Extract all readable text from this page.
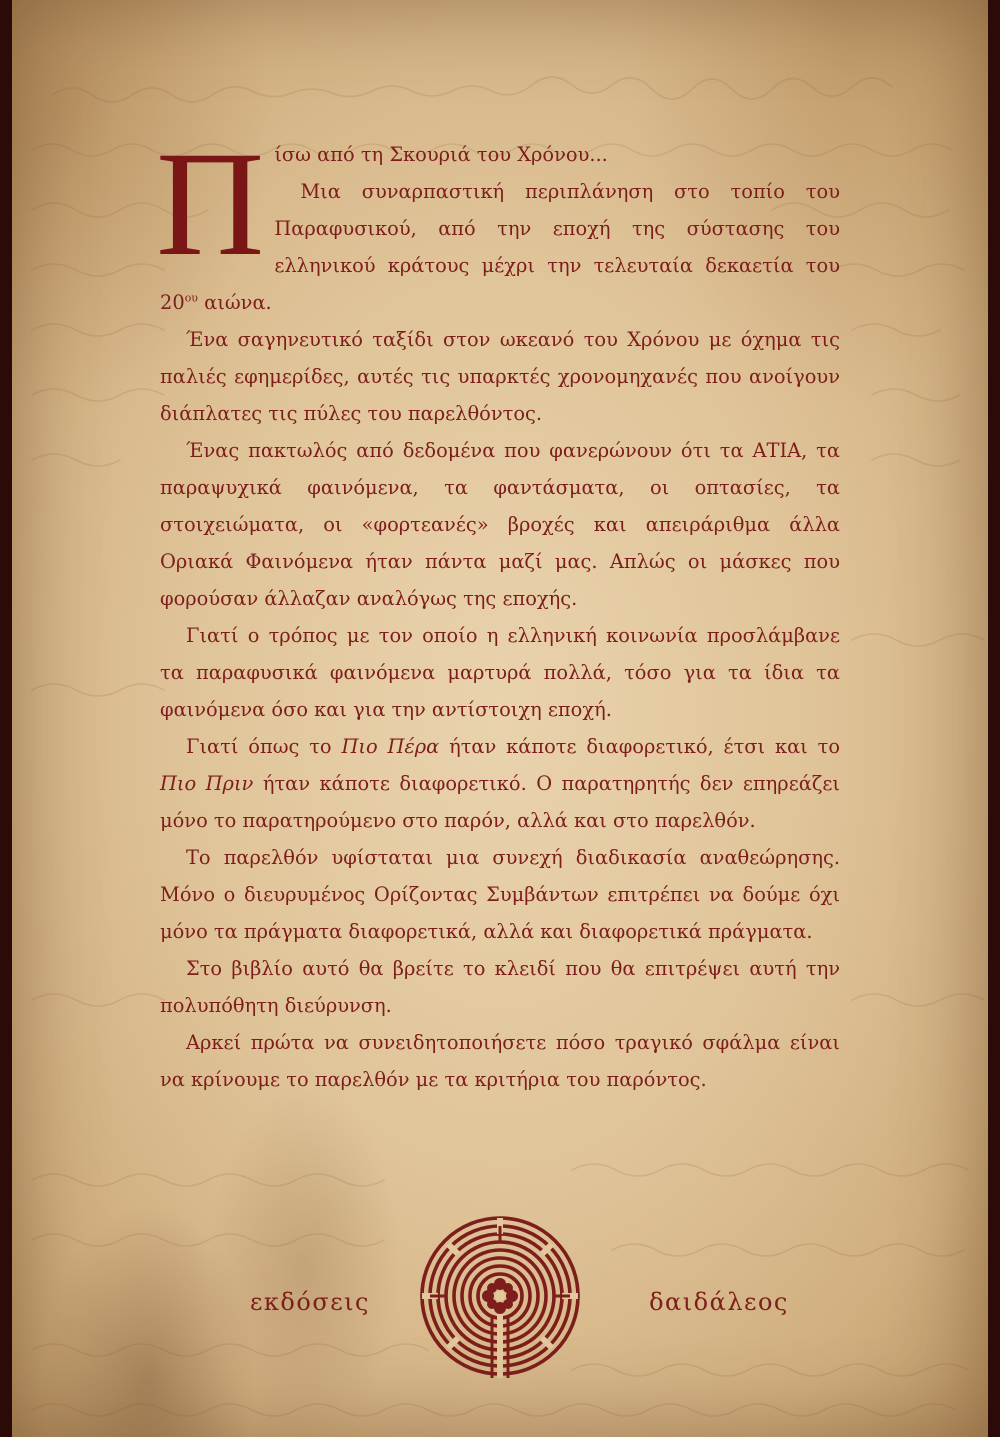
Π ίσω από τη Σκουριά του Χρόνου...
Μια συναρπαστική περιπλάνηση στο τοπίο του Παραφυσικού, από την εποχή της σύστασης του ελληνικού κράτους μέχρι την τελευταία δεκαετία του $20^{o\upsilon}$ αιώνα.

Ένα σαγηνευτικό ταξίδι στον ωκεανό του Χρόνου με όχημα τις παλιές εφημερίδες, αυτές τις υπαρκτές χρονομηχανές που ανοίγουν διάπλατες τις πύλες του παρελθόντος.

Ένας πακτωλός από δεδομένα που φανερώνουν ότι τα ΑΤΙΑ, τα παραψυχικά φαινόμενα, τα φαντάσματα, οι οπτασίες, τα στοιχειώματα, οι «φορτεανές» βροχές και απειράριθμα άλλα Οριακά Φαινόμενα ήταν πάντα μαζί μας. Απλώς οι μάσκες που φορούσαν άλλαζαν αναλόγως της εποχής.

Γιατί ο τρόπος με τον οποίο η ελληνική κοινωνία προσλάμβανε τα παραφυσικά φαινόμενα μαρτυρά πολλά, τόσο για τα ίδια τα φαινόμενα όσο και για την αντίστοιχη εποχή.

Γιατί όπως το Πιο Πέρα ήταν κάποτε διαφορετικό, έτσι και το Πιο Πριν ήταν κάποτε διαφορετικό. Ο παρατηρητής δεν επηρεάζει μόνο το παρατηρούμενο στο παρόν, αλλά και στο παρελθόν.

Το παρελθόν υφίσταται μια συνεχή διαδικασία αναθεώρησης. Μόνο ο διευρυμένος Ορίζοντας Συμβάντων επιτρέπει να δούμε όχι μόνο τα πράγματα διαφορετικά, αλλά και διαφορετικά πράγματα.

Στο βιβλίο αυτό θα βρείτε το κλειδί που θα επιτρέψει αυτή την πολυπόθητη διεύρυνση.

Αρκεί πρώτα να συνειδητοποιήσετε πόσο τραγικό σφάλμα είναι να κρίνουμε το παρελθόν με τα κριτήρια του παρόντος.

εκδόσεις	δαιδάλεος
